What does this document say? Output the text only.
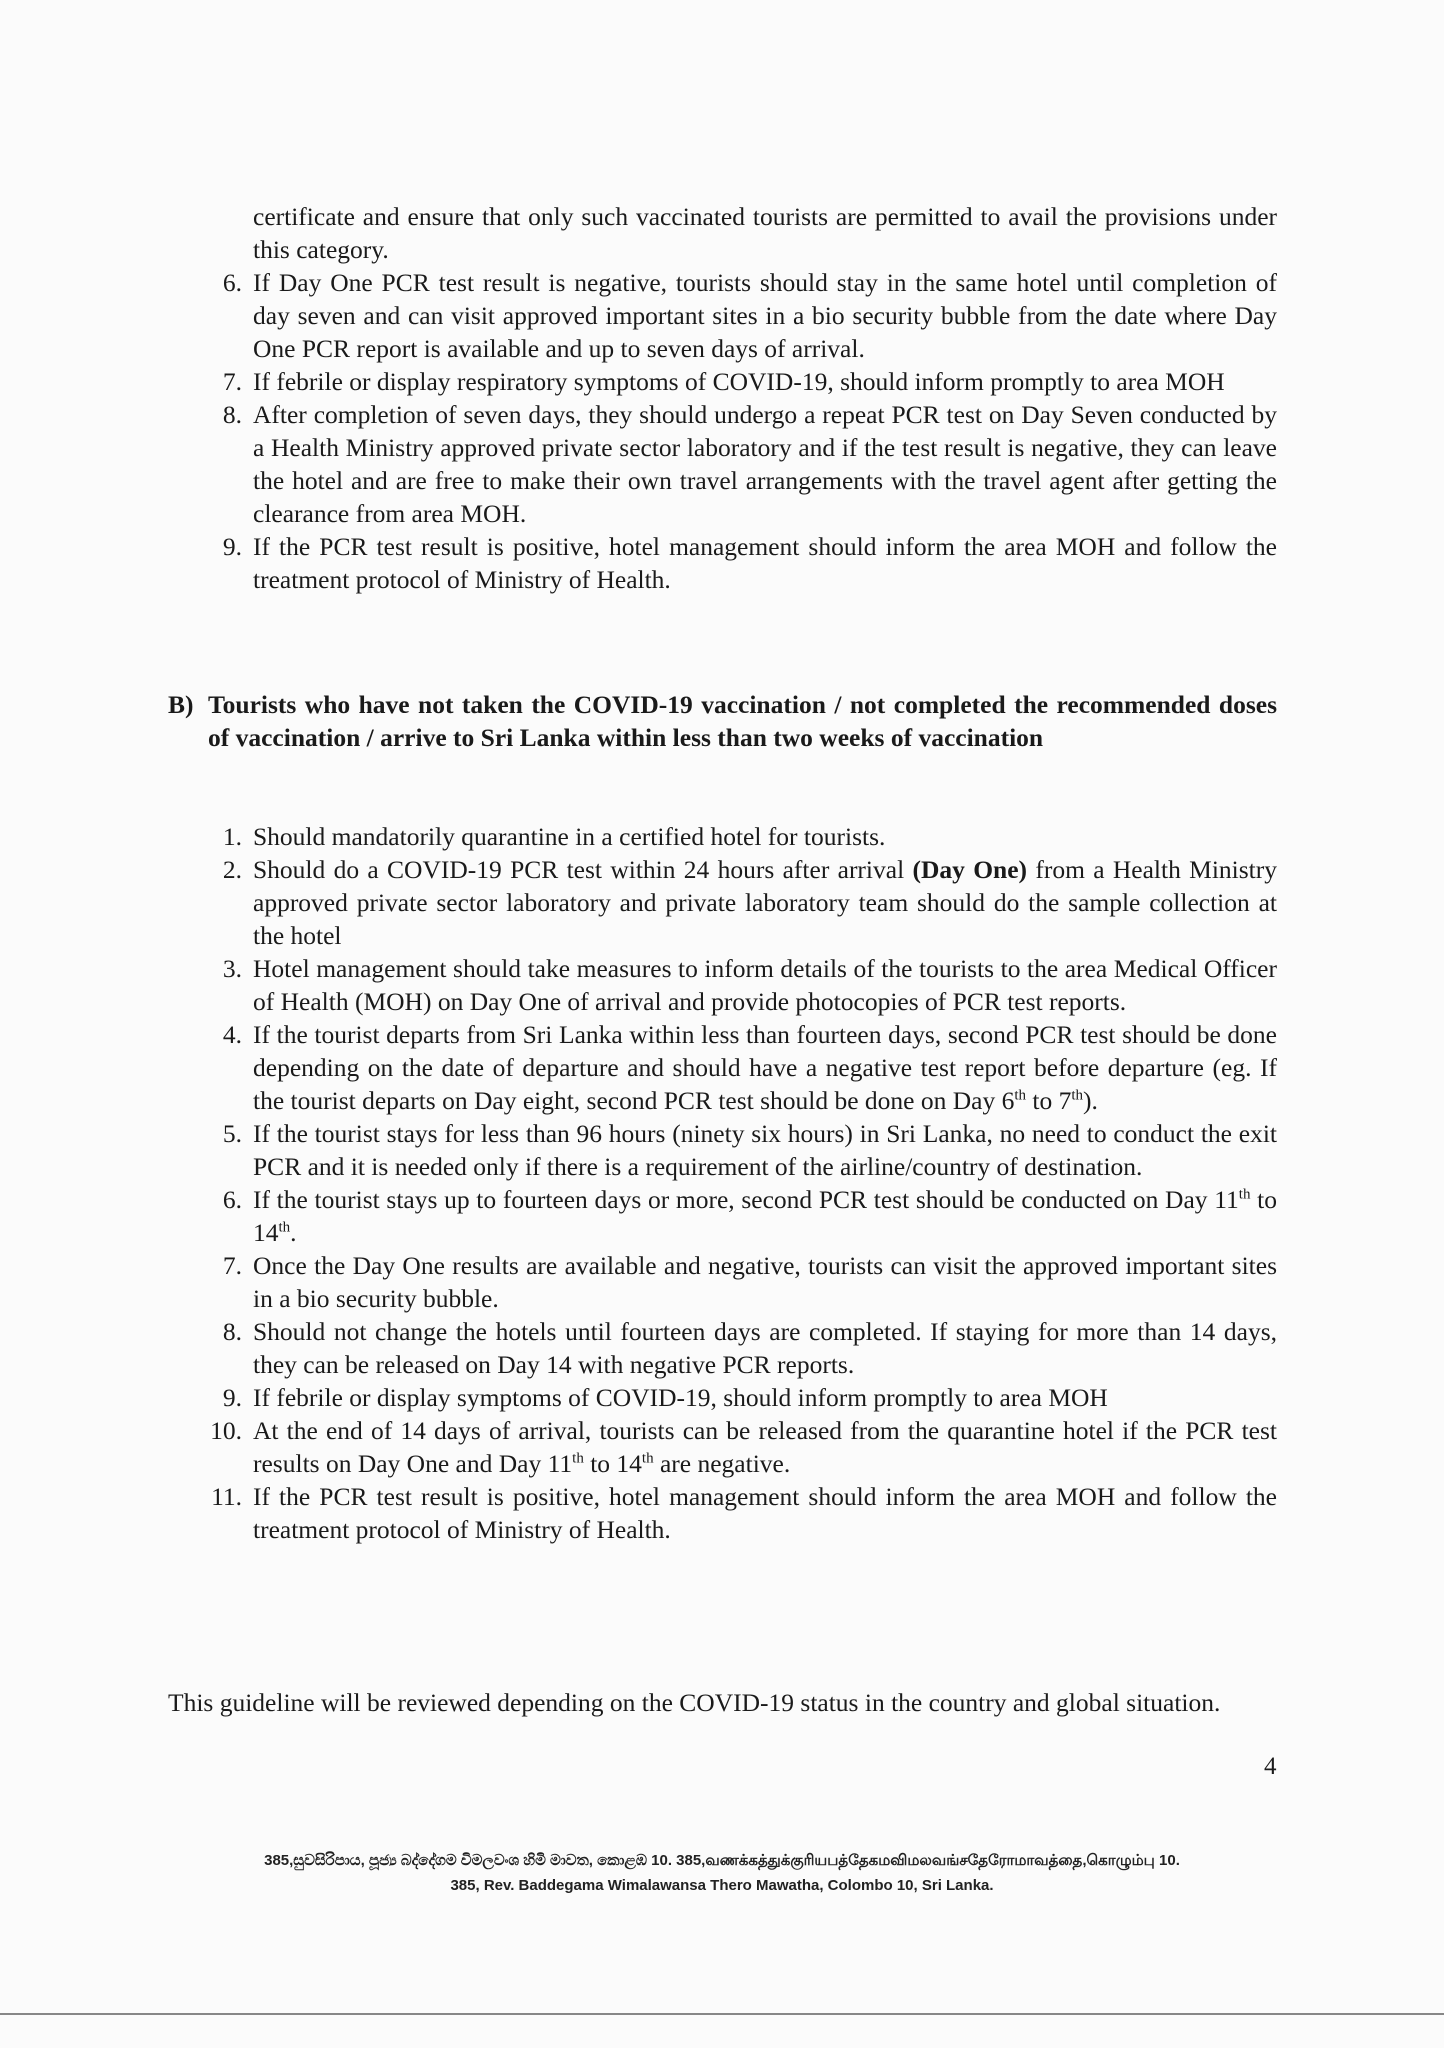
certificate and ensure that only such vaccinated tourists are permitted to avail the provisions under this category.
6. If Day One PCR test result is negative, tourists should stay in the same hotel until completion of day seven and can visit approved important sites in a bio security bubble from the date where Day One PCR report is available and up to seven days of arrival.
7. If febrile or display respiratory symptoms of COVID-19, should inform promptly to area MOH
8. After completion of seven days, they should undergo a repeat PCR test on Day Seven conducted by a Health Ministry approved private sector laboratory and if the test result is negative, they can leave the hotel and are free to make their own travel arrangements with the travel agent after getting the clearance from area MOH.
9. If the PCR test result is positive, hotel management should inform the area MOH and follow the treatment protocol of Ministry of Health.
B) Tourists who have not taken the COVID-19 vaccination / not completed the recommended doses of vaccination / arrive to Sri Lanka within less than two weeks of vaccination
1. Should mandatorily quarantine in a certified hotel for tourists.
2. Should do a COVID-19 PCR test within 24 hours after arrival (Day One) from a Health Ministry approved private sector laboratory and private laboratory team should do the sample collection at the hotel
3. Hotel management should take measures to inform details of the tourists to the area Medical Officer of Health (MOH) on Day One of arrival and provide photocopies of PCR test reports.
4. If the tourist departs from Sri Lanka within less than fourteen days, second PCR test should be done depending on the date of departure and should have a negative test report before departure (eg. If the tourist departs on Day eight, second PCR test should be done on Day 6th to 7th).
5. If the tourist stays for less than 96 hours (ninety six hours) in Sri Lanka, no need to conduct the exit PCR and it is needed only if there is a requirement of the airline/country of destination.
6. If the tourist stays up to fourteen days or more, second PCR test should be conducted on Day 11th to 14th.
7. Once the Day One results are available and negative, tourists can visit the approved important sites in a bio security bubble.
8. Should not change the hotels until fourteen days are completed. If staying for more than 14 days, they can be released on Day 14 with negative PCR reports.
9. If febrile or display symptoms of COVID-19, should inform promptly to area MOH
10. At the end of 14 days of arrival, tourists can be released from the quarantine hotel if the PCR test results on Day One and Day 11th to 14th are negative.
11. If the PCR test result is positive, hotel management should inform the area MOH and follow the treatment protocol of Ministry of Health.
This guideline will be reviewed depending on the COVID-19 status in the country and global situation.
4
385,සුවසිරිපාය, පූජ්‍ය බද්දේගම විමලවංශ හිමි මාවත, කොළඹ 10. 385,வணக்கத்துக்குரியபத்தேகமவிமலவங்சதேரோமாவத்தை,கொழும்பு 10.
385, Rev. Baddegama Wimalawansa Thero Mawatha, Colombo 10, Sri Lanka.
